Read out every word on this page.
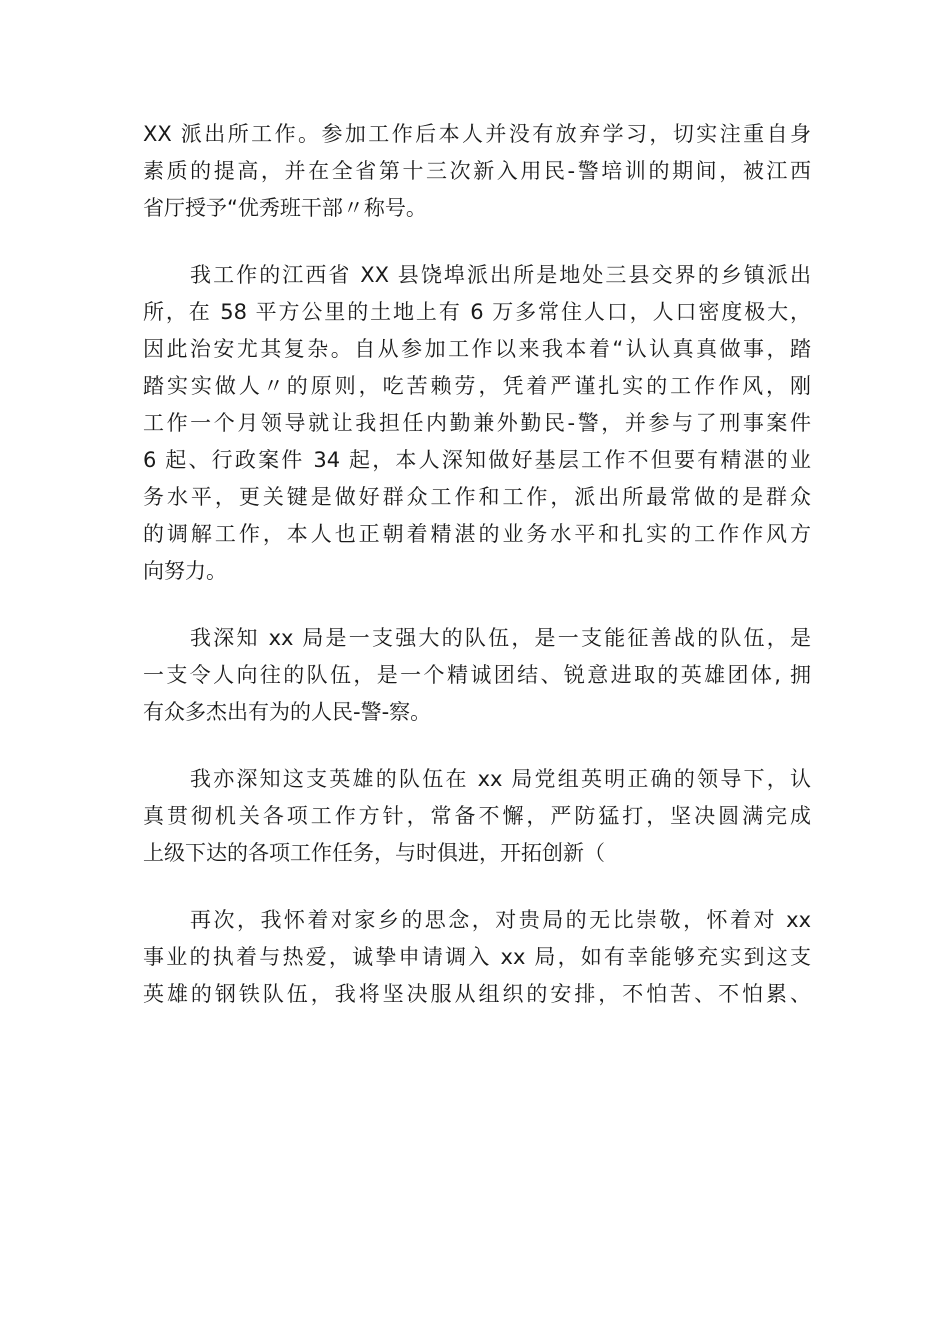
XX 派出所工作。参加工作后本人并没有放弃学习，切实注重自身
素质的提高，并在全省第十三次新入用民-警培训的期间，被江西
省厅授予“优秀班干部〃称号。
我工作的江西省 XX 县饶埠派出所是地处三县交界的乡镇派出
所，在 58 平方公里的土地上有 6 万多常住人口，人口密度极大，
因此治安尤其复杂。自从参加工作以来我本着“认认真真做事，踏
踏实实做人〃的原则，吃苦赖劳，凭着严谨扎实的工作作风，刚
工作一个月领导就让我担任内勤兼外勤民-警，并参与了刑事案件
6 起、行政案件 34 起，本人深知做好基层工作不但要有精湛的业
务水平，更关键是做好群众工作和工作，派出所最常做的是群众
的调解工作，本人也正朝着精湛的业务水平和扎实的工作作风方
向努力。
我深知 xx 局是一支强大的队伍，是一支能征善战的队伍，是
一支令人向往的队伍，是一个精诚团结、锐意进取的英雄团体, 拥
有众多杰出有为的人民-警-察。
我亦深知这支英雄的队伍在 xx 局党组英明正确的领导下，认
真贯彻机关各项工作方针，常备不懈，严防猛打，坚决圆满完成
上级下达的各项工作任务，与时俱进，开拓创新（
再次，我怀着对家乡的思念，对贵局的无比崇敬，怀着对 xx
事业的执着与热爱，诚挚申请调入 xx 局，如有幸能够充实到这支
英雄的钢铁队伍，我将坚决服从组织的安排，不怕苦、不怕累、
